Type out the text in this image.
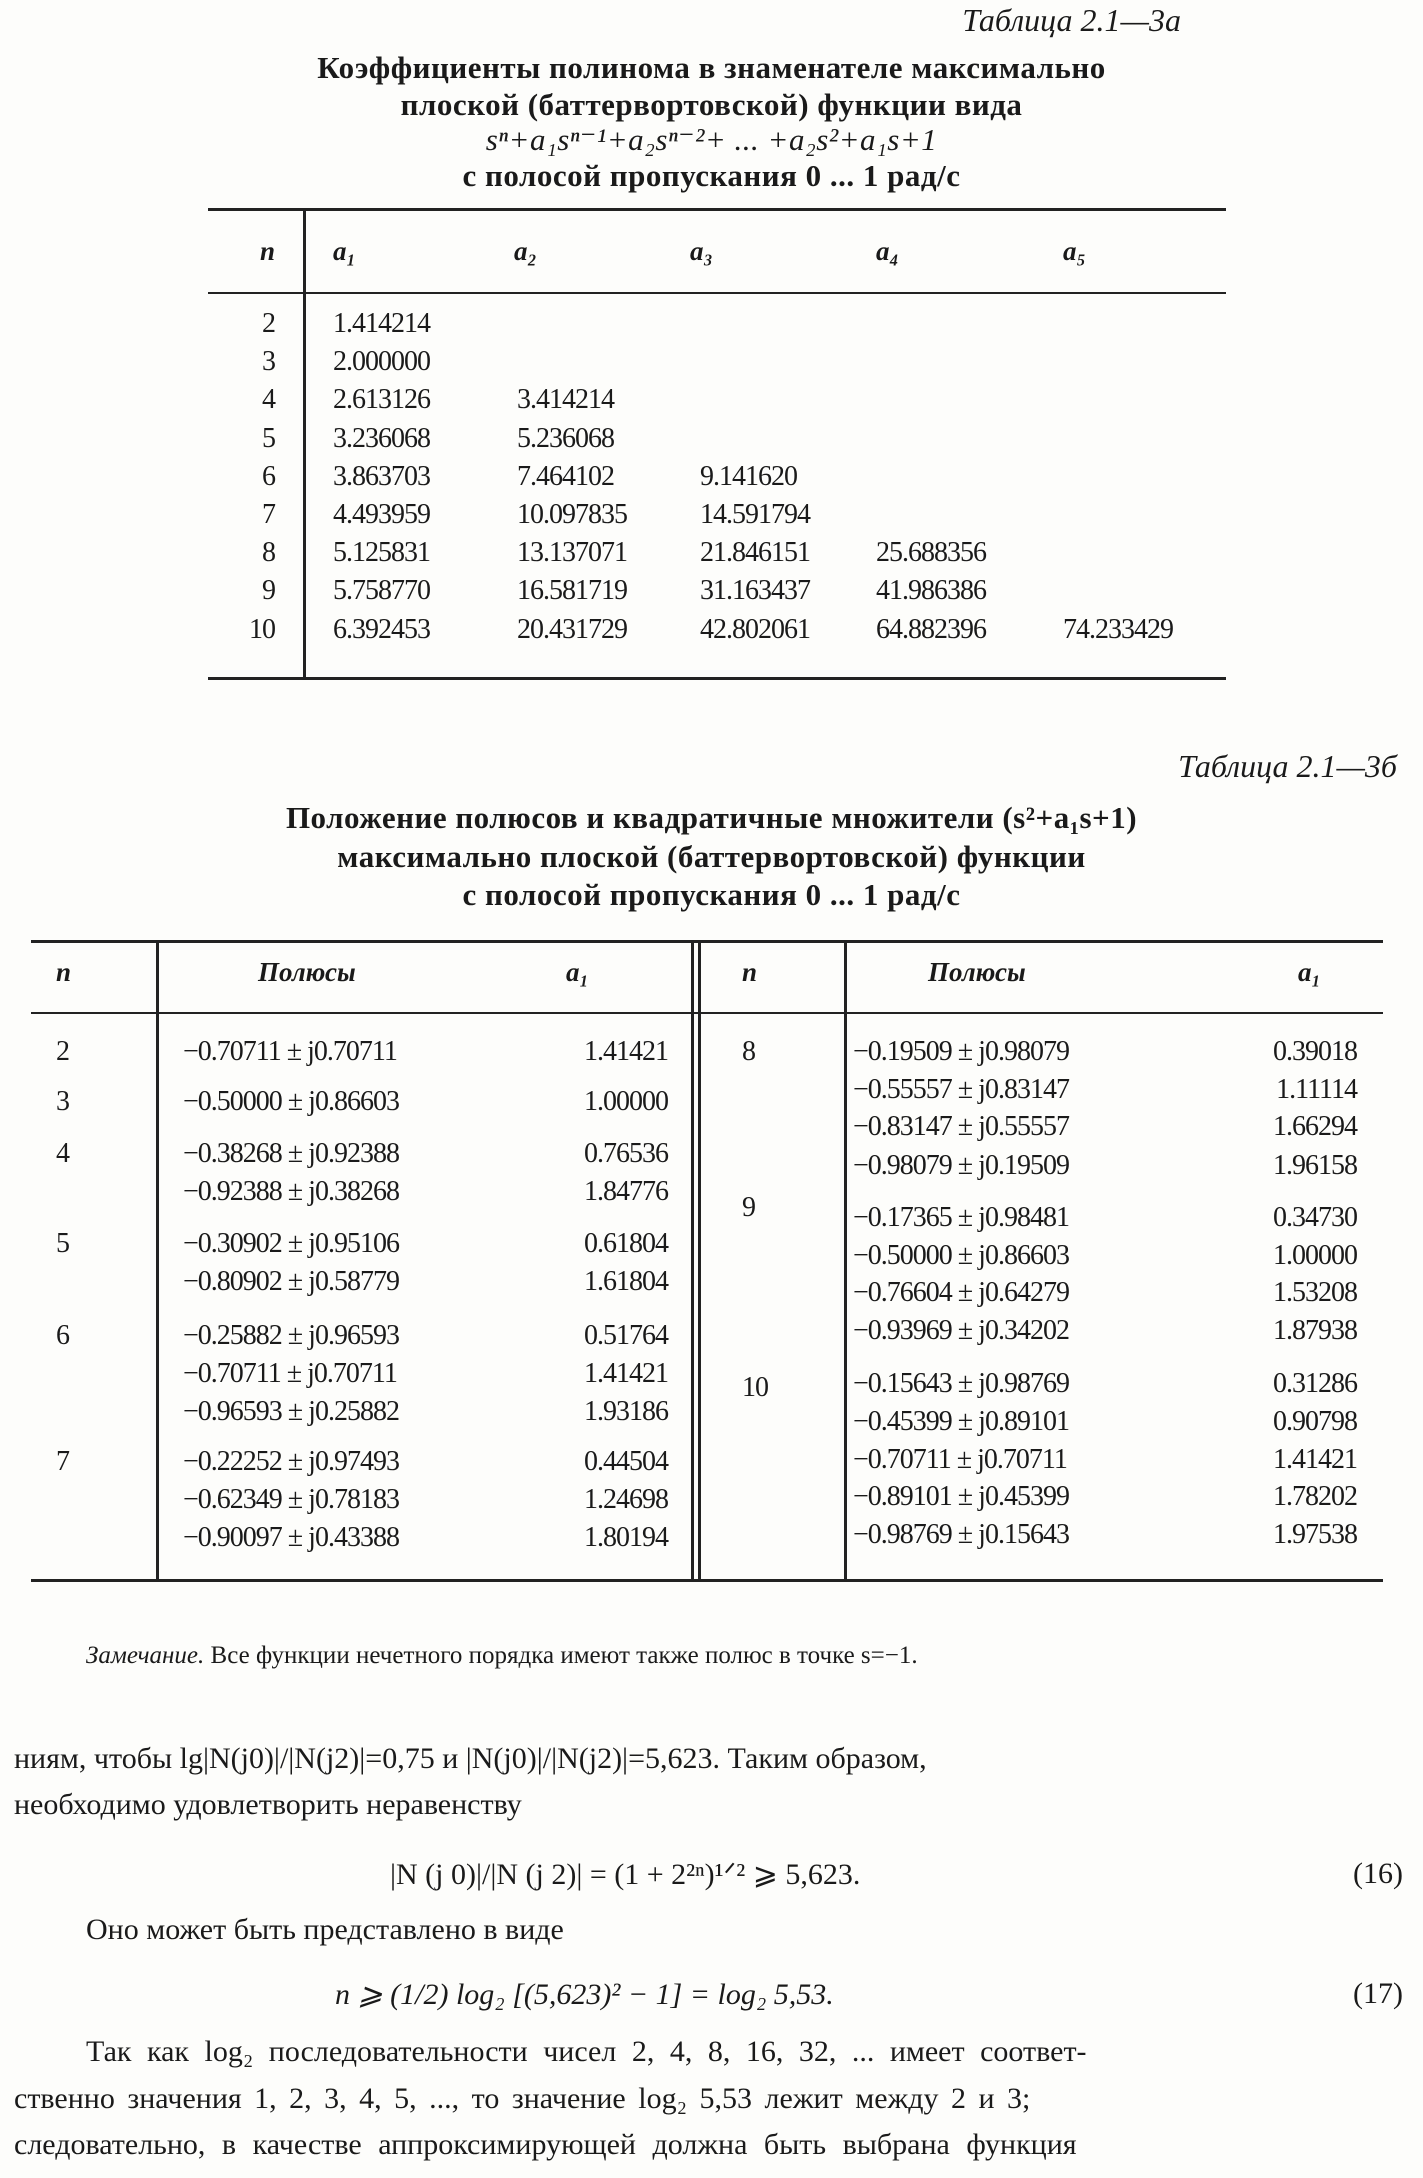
Таблица 2.1—3а
Коэффициенты полинома в знаменателе максимально
плоской (баттервортовской) функции вида
sⁿ+a₁sⁿ⁻¹+a₂sⁿ⁻²+ ... +a₂s²+a₁s+1
с полосой пропускания 0 ... 1 рад/с
n a₁	a₂	a₃	a₄	a₅
2 1.414214
3 2.000000
4 2.613126	3.414214
5 3.236068	5.236068
6 3.863703	7.464102	9.141620
7 4.493959	10.097835	14.591794
8 5.125831	13.137071	21.846151 25.688356
9 5.758770	16.581719	31.163437 41.986386
10 6.392453	20.431729	42.802061 64.882396	74.233429
Таблица 2.1—3б
Положение полюсов и квадратичные множители (s²+a₁s+1)
максимально плоской (баттервортовской) функции
с полосой пропускания 0 ... 1 рад/с
n	Полюсы	a₁	n	Полюсы	a₁
2	−0.70711 ± j0.70711	1.41421
3	−0.50000 ± j0.86603	1.00000
4	−0.38268 ± j0.92388	0.76536
−0.92388 ± j0.38268	1.84776
5	−0.30902 ± j0.95106	0.61804
−0.80902 ± j0.58779	1.61804
6	−0.25882 ± j0.96593	0.51764
−0.70711 ± j0.70711	1.41421
−0.96593 ± j0.25882	1.93186
7	−0.22252 ± j0.97493	0.44504
−0.62349 ± j0.78183	1.24698
−0.90097 ± j0.43388	1.80194
8	−0.19509 ± j0.98079	0.39018
−0.55557 ± j0.83147	1.11114
−0.83147 ± j0.55557	1.66294
−0.98079 ± j0.19509	1.96158
9	−0.17365 ± j0.98481	0.34730
−0.50000 ± j0.86603	1.00000
−0.76604 ± j0.64279	1.53208
−0.93969 ± j0.34202	1.87938
10	−0.15643 ± j0.98769	0.31286
−0.45399 ± j0.89101	0.90798
−0.70711 ± j0.70711	1.41421
−0.89101 ± j0.45399	1.78202
−0.98769 ± j0.15643	1.97538
Замечание. Все функции нечетного порядка имеют также полюс в точке s=−1.
ниям, чтобы lg|N(j0)|/|N(j2)|=0,75 и |N(j0)|/|N(j2)|=5,623. Таким образом,
необходимо удовлетворить неравенству
|N (j 0)|/|N (j 2)| = (1 + 2²ⁿ)¹ᐟ² ⩾ 5,623.	(16)
Оно может быть представлено в виде
n ⩾ (1/2) log₂ [(5,623)² − 1] = log₂ 5,53.	(17)
Так как log₂ последовательности чисел 2, 4, 8, 16, 32, ... имеет соответ-
ственно значения 1, 2, 3, 4, 5, ..., то значение log₂ 5,53 лежит между 2 и 3;
следовательно, в качестве аппроксимирующей должна быть выбрана функция
